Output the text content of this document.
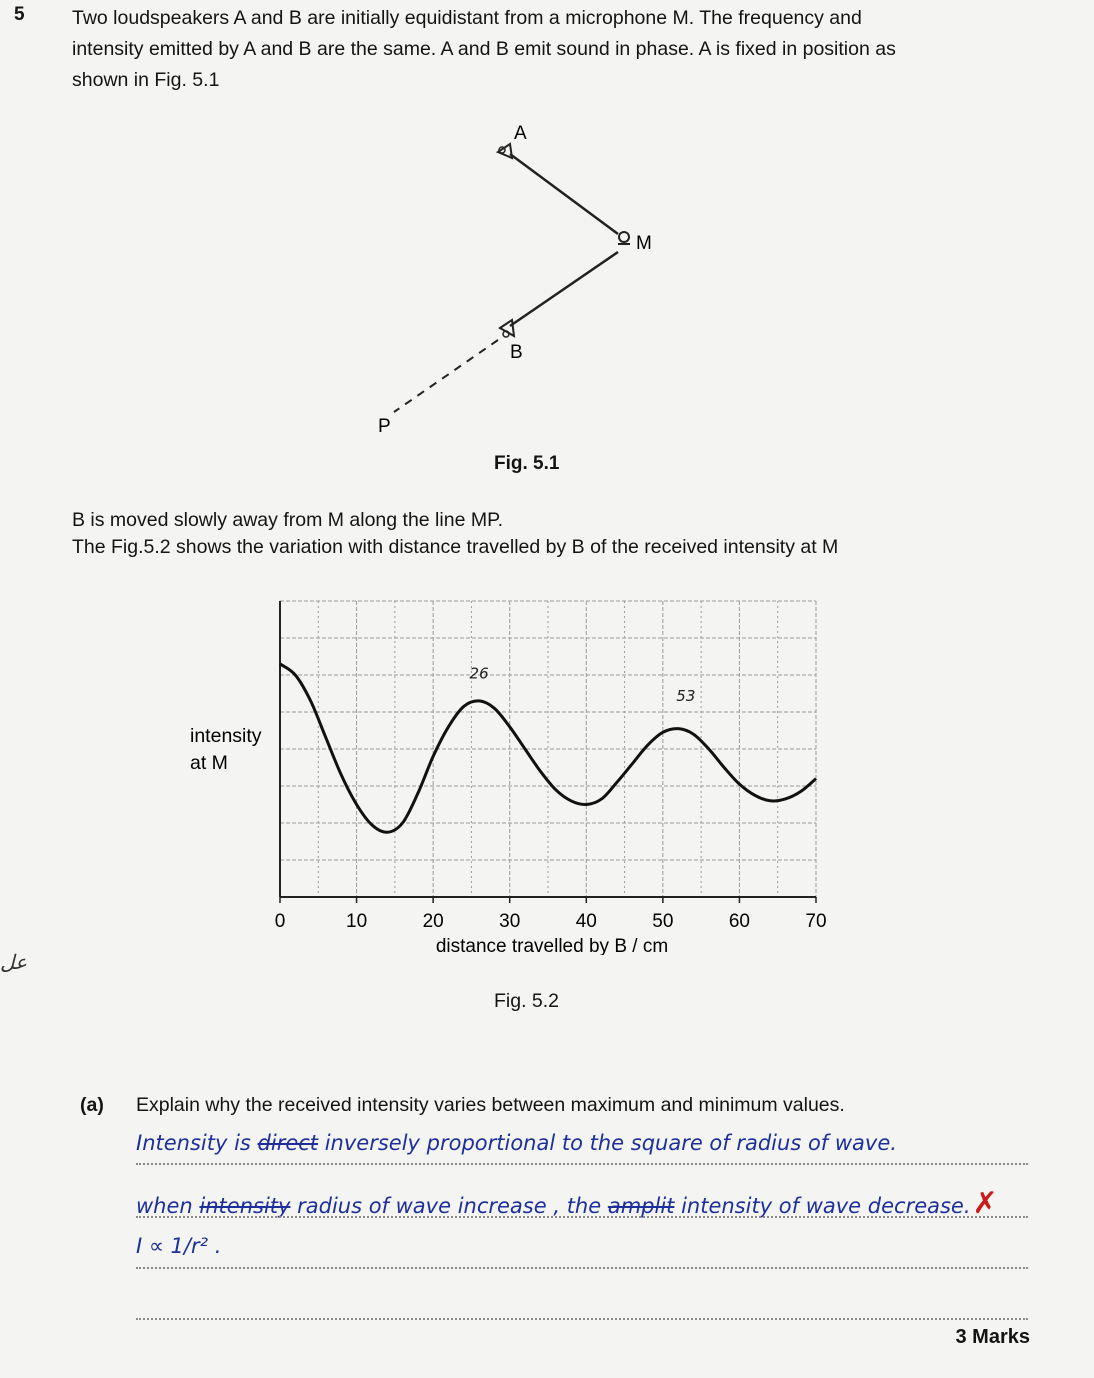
5 Two loudspeakers A and B are initially equidistant from a microphone M. The frequency and
intensity emitted by A and B are the same. A and B emit sound in phase. A is fixed in position as
shown in Fig. 5.1

A
M
B
P
Fig. 5.1
B is moved slowly away from M along the line MP.
The Fig.5.2 shows the variation with distance travelled by B of the received intensity at M
0	10	20	30	40	50	60	70
distance travelled by B / cm
intensity
at M
26
53
Fig. 5.2
ﻋﻞ
(a) Explain why the received intensity varies between maximum and minimum values.
Intensity is direct inversely proportional to the square of radius of wave.
when intensity radius of wave increase , the amplit intensity of wave decrease.✗
I ∝ 1/r² .
3 Marks
